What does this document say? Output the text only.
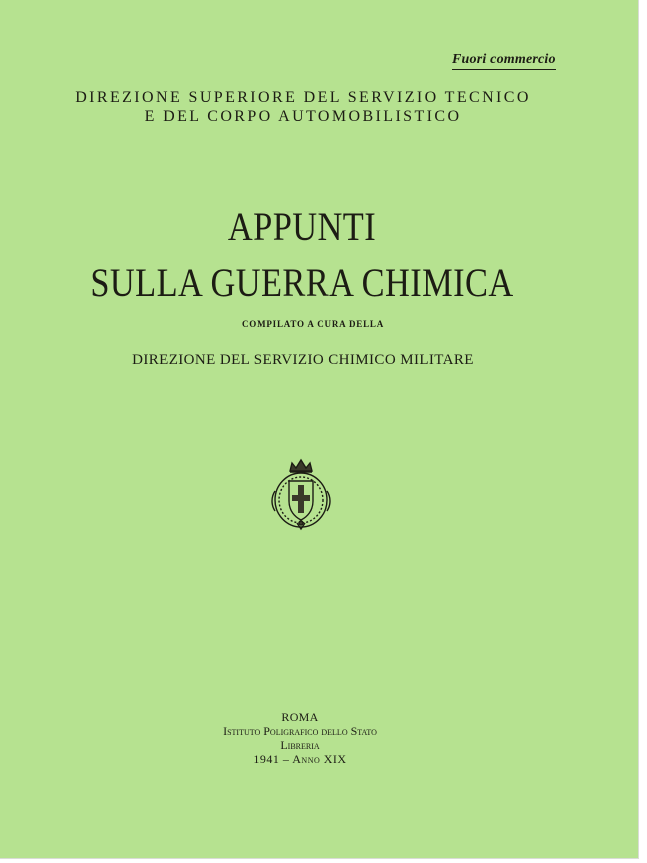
Fuori commercio
DIREZIONE SUPERIORE DEL SERVIZIO TECNICO
E DEL CORPO AUTOMOBILISTICO
APPUNTI
SULLA GUERRA CHIMICA
COMPILATO A CURA DELLA
DIREZIONE DEL SERVIZIO CHIMICO MILITARE
ROMA
Istituto Poligrafico dello Stato
Libreria
1941 – Anno XIX
